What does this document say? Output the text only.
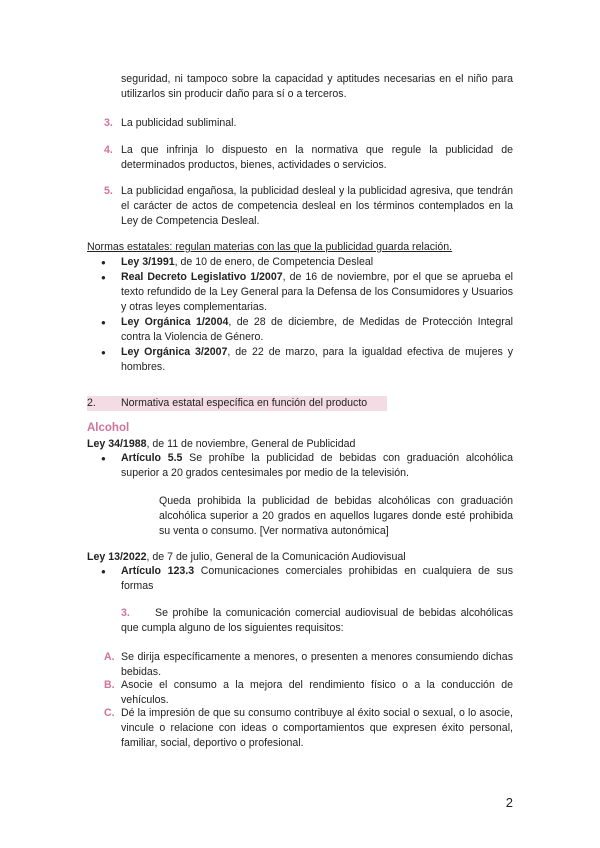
seguridad, ni tampoco sobre la capacidad y aptitudes necesarias en el niño para utilizarlos sin producir daño para sí o a terceros.
3. La publicidad subliminal.
4. La que infrinja lo dispuesto en la normativa que regule la publicidad de determinados productos, bienes, actividades o servicios.
5. La publicidad engañosa, la publicidad desleal y la publicidad agresiva, que tendrán el carácter de actos de competencia desleal en los términos contemplados en la Ley de Competencia Desleal.
Normas estatales: regulan materias con las que la publicidad guarda relación.
● Ley 3/1991, de 10 de enero, de Competencia Desleal
● Real Decreto Legislativo 1/2007, de 16 de noviembre, por el que se aprueba el texto refundido de la Ley General para la Defensa de los Consumidores y Usuarios y otras leyes complementarias.
● Ley Orgánica 1/2004, de 28 de diciembre, de Medidas de Protección Integral contra la Violencia de Género.
● Ley Orgánica 3/2007, de 22 de marzo, para la igualdad efectiva de mujeres y hombres.
2. Normativa estatal específica en función del producto
Alcohol
Ley 34/1988, de 11 de noviembre, General de Publicidad
● Artículo 5.5 Se prohíbe la publicidad de bebidas con graduación alcohólica superior a 20 grados centesimales por medio de la televisión.
Queda prohibida la publicidad de bebidas alcohólicas con graduación alcohólica superior a 20 grados en aquellos lugares donde esté prohibida su venta o consumo. [Ver normativa autonómica]
Ley 13/2022, de 7 de julio, General de la Comunicación Audiovisual
● Artículo 123.3 Comunicaciones comerciales prohibidas en cualquiera de sus formas
3. Se prohíbe la comunicación comercial audiovisual de bebidas alcohólicas que cumpla alguno de los siguientes requisitos:
A. Se dirija específicamente a menores, o presenten a menores consumiendo dichas bebidas.
B. Asocie el consumo a la mejora del rendimiento físico o a la conducción de vehículos.
C. Dé la impresión de que su consumo contribuye al éxito social o sexual, o lo asocie, vincule o relacione con ideas o comportamientos que expresen éxito personal, familiar, social, deportivo o profesional.
2
